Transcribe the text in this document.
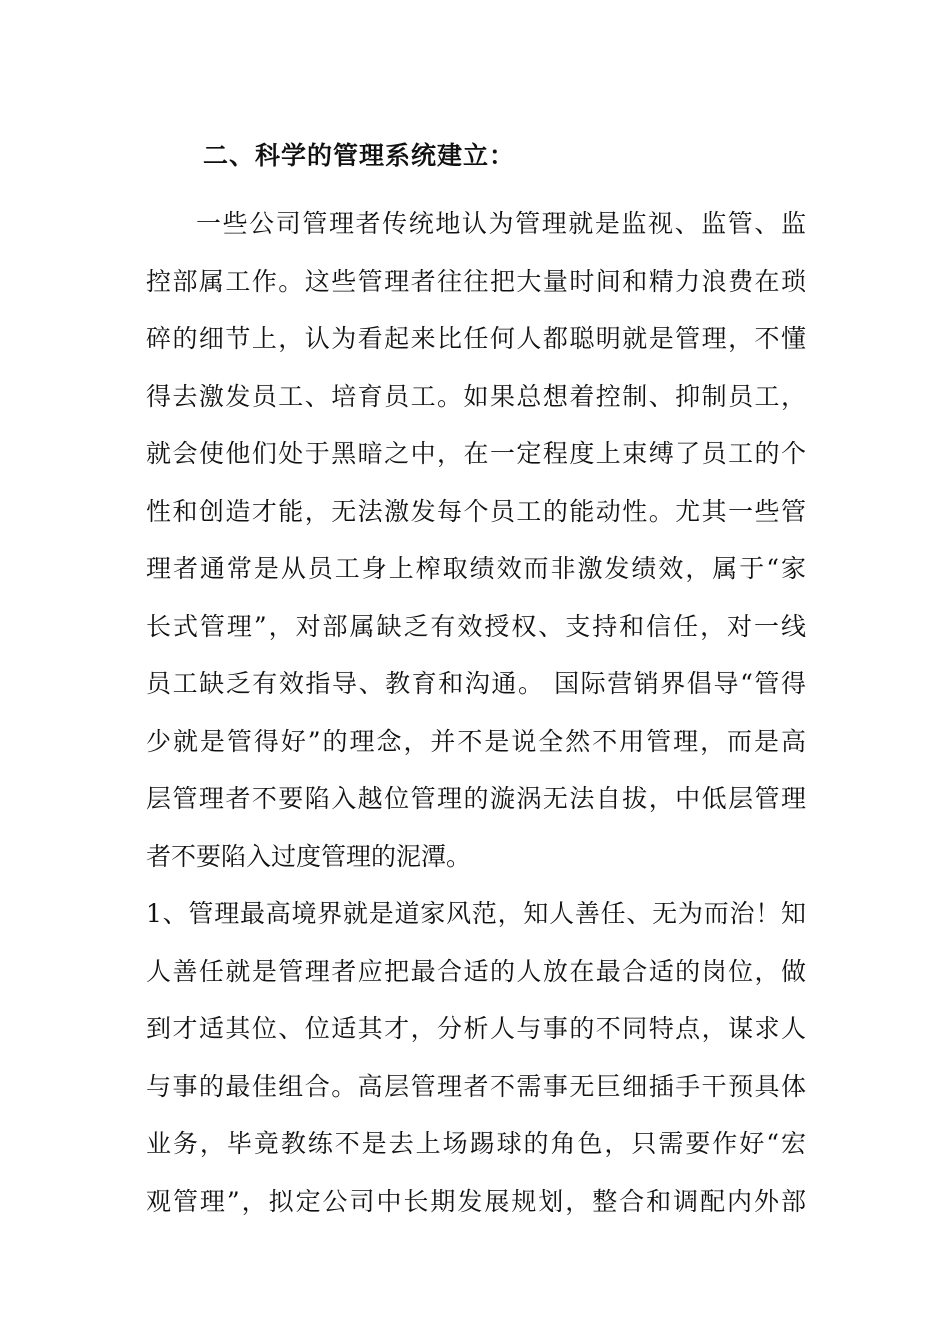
二、科学的管理系统建立：
一些公司管理者传统地认为管理就是监视、监管、监
控部属工作。这些管理者往往把大量时间和精力浪费在琐
碎的细节上，认为看起来比任何人都聪明就是管理，不懂
得去激发员工、培育员工。如果总想着控制、抑制员工，
就会使他们处于黑暗之中，在一定程度上束缚了员工的个
性和创造才能，无法激发每个员工的能动性。尤其一些管
理者通常是从员工身上榨取绩效而非激发绩效，属于“家
长式管理”，对部属缺乏有效授权、支持和信任，对一线
员工缺乏有效指导、教育和沟通。 国际营销界倡导“管得
少就是管得好”的理念，并不是说全然不用管理，而是高
层管理者不要陷入越位管理的漩涡无法自拔，中低层管理
者不要陷入过度管理的泥潭。
1、管理最高境界就是道家风范，知人善任、无为而治！知
人善任就是管理者应把最合适的人放在最合适的岗位，做
到才适其位、位适其才，分析人与事的不同特点，谋求人
与事的最佳组合。高层管理者不需事无巨细插手干预具体
业务，毕竟教练不是去上场踢球的角色，只需要作好“宏
观管理”，拟定公司中长期发展规划，整合和调配内外部
